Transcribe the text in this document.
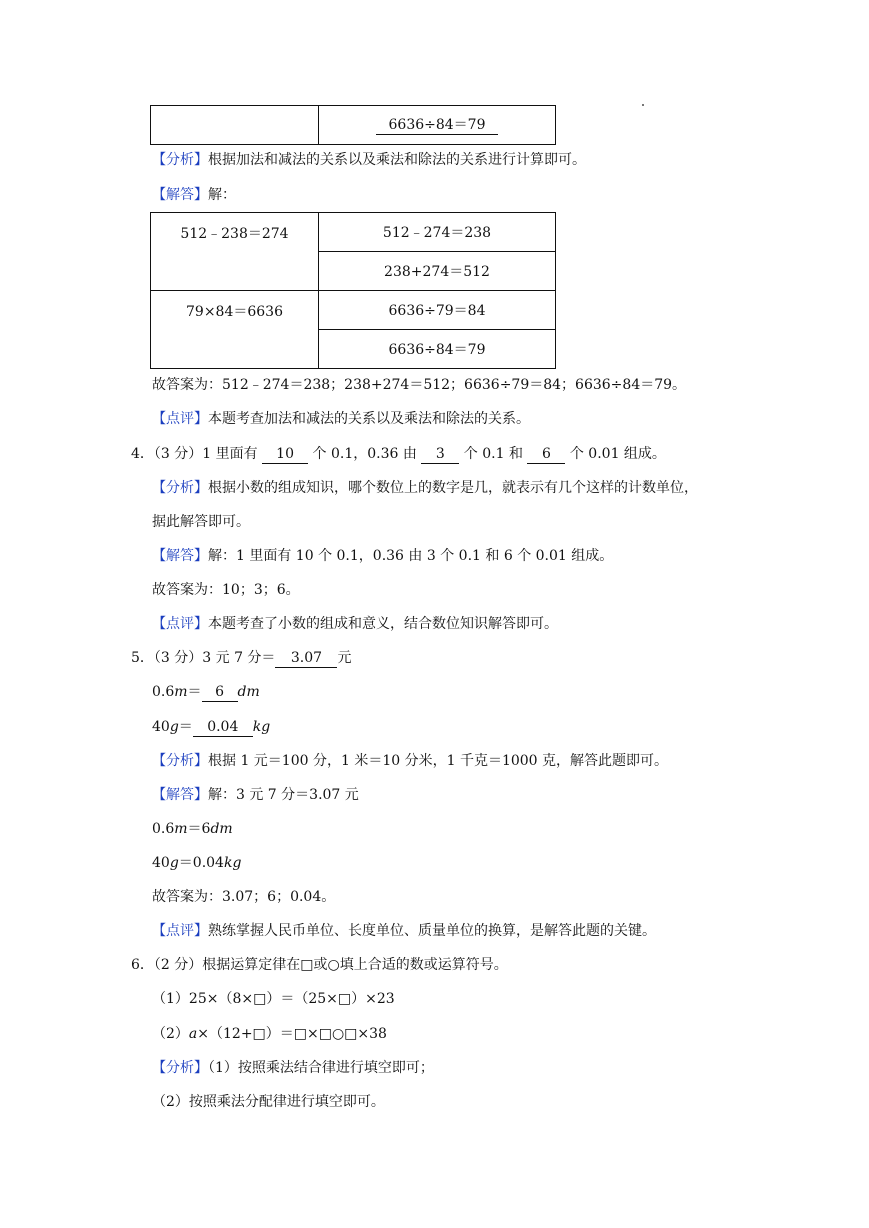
	6636÷84＝79
【分析】根据加法和减法的关系以及乘法和除法的关系进行计算即可。
【解答】解：
512﹣238＝274	512﹣274＝238
	238+274＝512
79×84＝6636	6636÷79＝84
	6636÷84＝79
故答案为：512﹣274＝238；238+274＝512；6636÷79＝84；6636÷84＝79。
【点评】本题考查加法和减法的关系以及乘法和除法的关系。
4．（3 分）1 里面有 10 个 0.1，0.36 由 3 个 0.1 和 6 个 0.01 组成。
【分析】根据小数的组成知识，哪个数位上的数字是几，就表示有几个这样的计数单位，
据此解答即可。
【解答】解：1 里面有 10 个 0.1，0.36 由 3 个 0.1 和 6 个 0.01 组成。
故答案为：10；3；6。
【点评】本题考查了小数的组成和意义，结合数位知识解答即可。
5．（3 分）3 元 7 分＝ 3.07 元
0.6m＝ 6 dm
40g＝ 0.04 kg
【分析】根据 1 元＝100 分，1 米＝10 分米，1 千克＝1000 克，解答此题即可。
【解答】解：3 元 7 分＝3.07 元
0.6m＝6dm
40g＝0.04kg
故答案为：3.07；6；0.04。
【点评】熟练掌握人民币单位、长度单位、质量单位的换算，是解答此题的关键。
6．（2 分）根据运算定律在□或○填上合适的数或运算符号。
（1）25×（8×□）＝（25×□）×23
（2）a×（12+□）＝□×□○□×38
【分析】（1）按照乘法结合律进行填空即可；
（2）按照乘法分配律进行填空即可。
